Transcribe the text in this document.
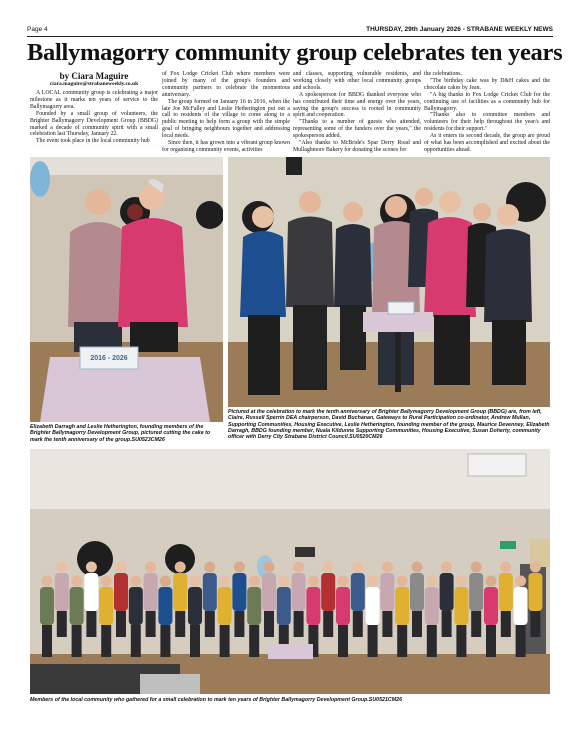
Page 4	THURSDAY, 29th January 2026 - STRABANE WEEKLY NEWS
Ballymagorry community group celebrates ten years
by Ciara Maguire
ciara.maguire@strabaneweekly.co.uk

A LOCAL community group is celebrating a major milestone as it marks ten years of service to the Ballymagorry area.

Founded by a small group of volunteers, the Brighter Ballymagorry Development Group (BBDG) marked a decade of community spirit with a small celebration last Thursday, January 22.

The event took place in the local community hub

of Fox Lodge Cricket Club where members were joined by many of the group's founders and community partners to celebrate the momentous anniversary.

The group formed on January 16 in 2016, when the late Joe McFalley and Leslie Hetherington put out a call to residents of the village to come along to a public meeting to help form a group with the simple goal of bringing neighbours together and addressing local needs.

Since then, it has grown into a vibrant group known for organising community events, activities

and classes, supporting vulnerable residents, and working closely with other local community groups and schools.

A spokesperson for BBDG thanked everyone who has contributed their time and energy over the years, saying the group's success is rooted in community spirit and cooperation.

"Thanks to a number of guests who attended, representing some of the funders over the years," the spokesperson added.

"Also thanks to McBride's Spar Derry Road and Mullaghmore Bakery for donating the scones for

the celebrations.

"The birthday cake was by D&H cakes and the chocolate cakes by Jean.

"A big thanks to Fox Lodge Cricket Club for the continuing use of facilities as a community hub for Ballymagorry.

"Thanks also to committee members and volunteers for their help throughout the year/s and residents for their support."

As it enters its second decade, the group are proud of what has been accomplished and excited about the opportunities ahead.

2016 - 2026
Elizabeth Darragh and Leslie Hetherington, founding members of the Brighter Ballymagorry Development Group, pictured cutting the cake to mark the tenth anniversary of the group.SU0523CM26
Pictured at the celebration to mark the tenth anniversary of Brighter Ballymagorry Development Group (BBDG) are, from left, Claire, Russell Sperrin DEA chairperson, David Buchanan, Gateways to Rural Participation co-ordinator, Andrew Mullan, Supporting Communities, Housing Executive, Leslie Hetherington, founding member of the group, Maurice Devenney, Elizabeth Darragh, BBDG founding member, Nuala Kildunne Supporting Communities, Housing Executive, Susan Doherty, community officer with Derry City Strabane District Council.SU0520CM26
Members of the local community who gathered for a small celebration to mark ten years of Brighter Ballymagorry Development Group.SU0521CM26
